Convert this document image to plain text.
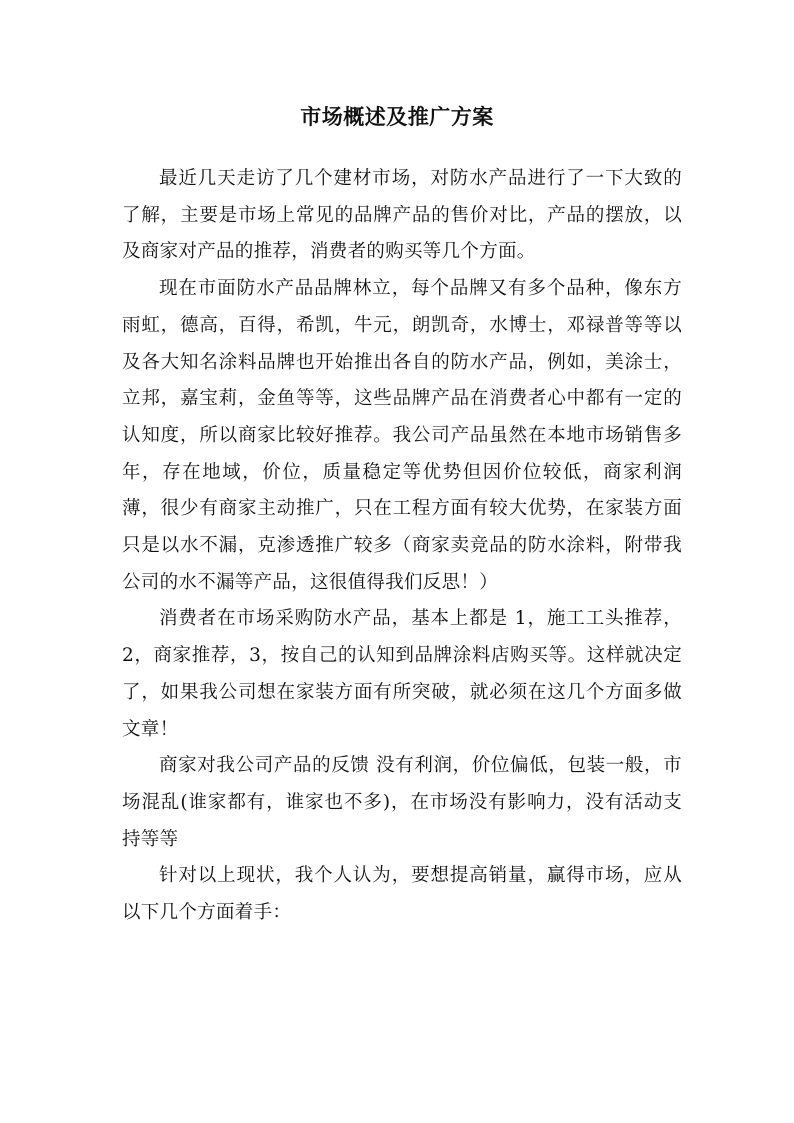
市场概述及推广方案

最近几天走访了几个建材市场，对防水产品进行了一下大致的了解，主要是市场上常见的品牌产品的售价对比，产品的摆放，以及商家对产品的推荐，消费者的购买等几个方面。

现在市面防水产品品牌林立，每个品牌又有多个品种，像东方雨虹，德高，百得，希凯，牛元，朗凯奇，水博士，邓禄普等等以及各大知名涂料品牌也开始推出各自的防水产品，例如，美涂士，立邦，嘉宝莉，金鱼等等，这些品牌产品在消费者心中都有一定的认知度，所以商家比较好推荐。我公司产品虽然在本地市场销售多年，存在地域，价位，质量稳定等优势但因价位较低，商家利润薄，很少有商家主动推广，只在工程方面有较大优势，在家装方面只是以水不漏，克渗透推广较多（商家卖竞品的防水涂料，附带我公司的水不漏等产品，这很值得我们反思！）

消费者在市场采购防水产品，基本上都是 1，施工工头推荐，2，商家推荐，3，按自己的认知到品牌涂料店购买等。这样就决定了，如果我公司想在家装方面有所突破，就必须在这几个方面多做文章！

商家对我公司产品的反馈 没有利润，价位偏低，包装一般，市场混乱(谁家都有，谁家也不多)，在市场没有影响力，没有活动支持等等

针对以上现状，我个人认为，要想提高销量，赢得市场，应从以下几个方面着手：
